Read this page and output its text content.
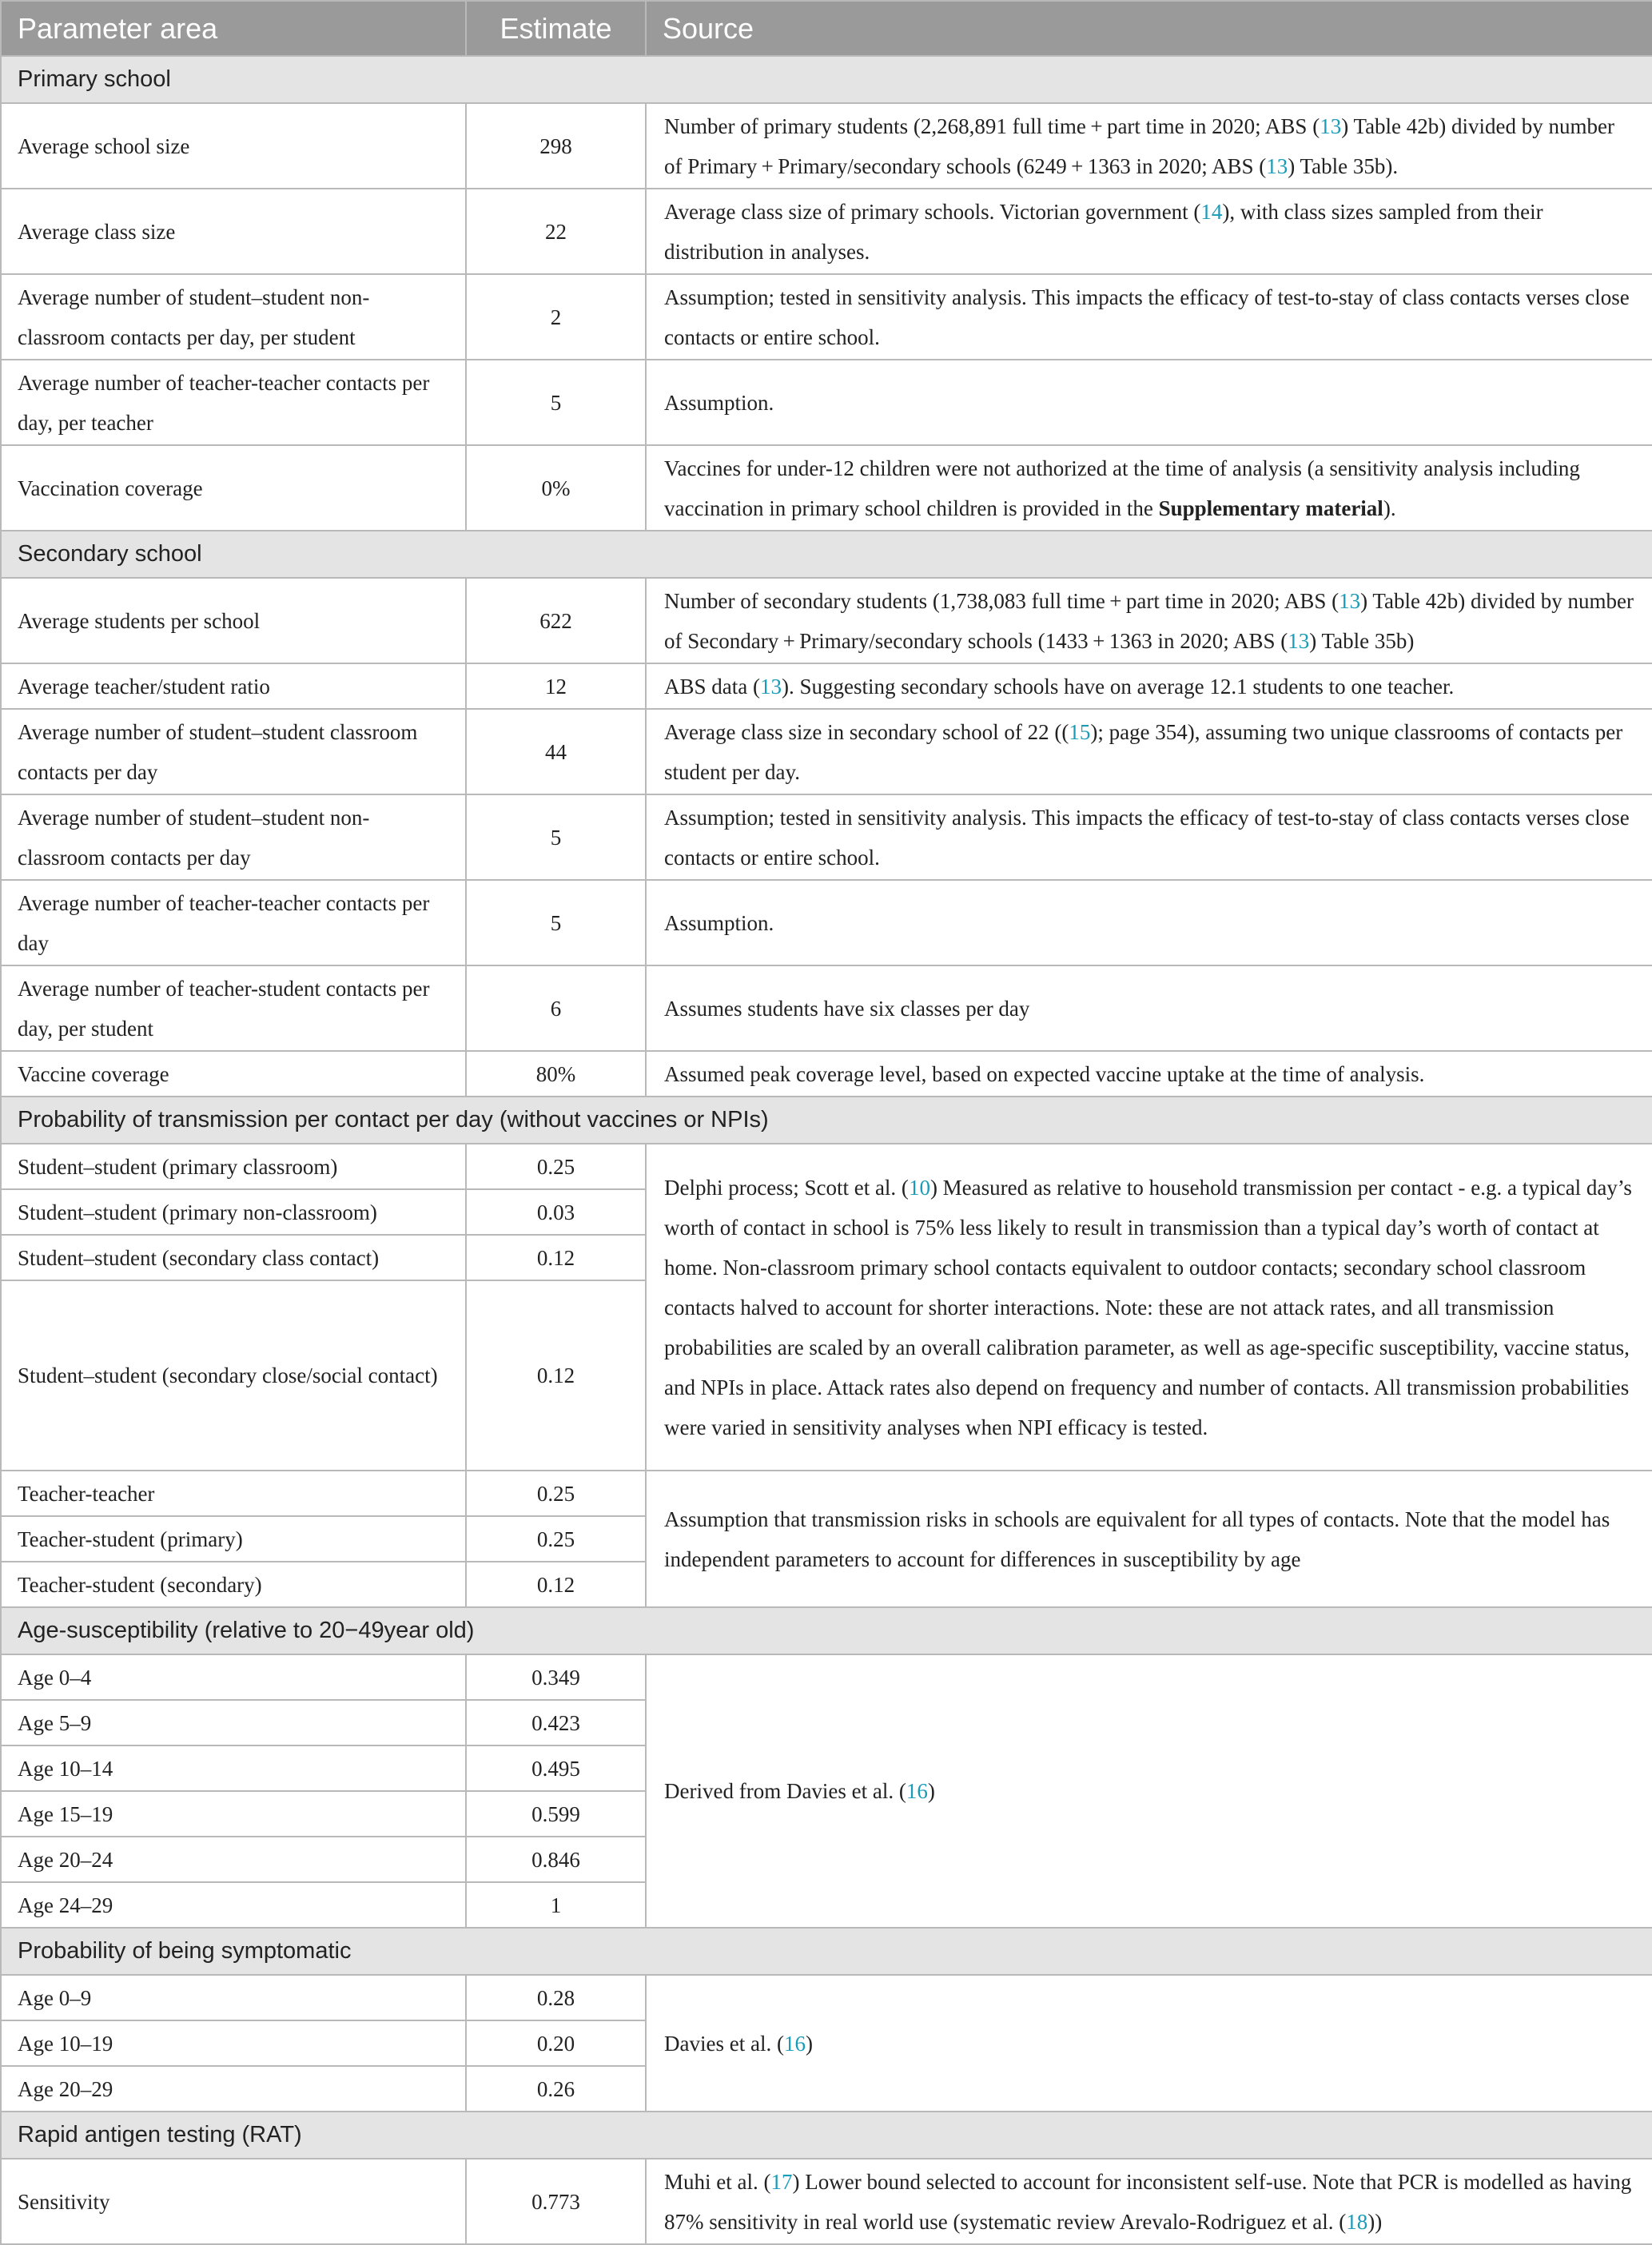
Parameter area	Estimate	Source
Primary school		
Average school size	298	Number of primary students (2,268,891 full time + part time in 2020; ABS (13) Table 42b) divided by number of Primary + Primary/secondary schools (6249 + 1363 in 2020; ABS (13) Table 35b).
Average class size	22	Average class size of primary schools. Victorian government (14), with class sizes sampled from their distribution in analyses.
Average number of student–student non-classroom contacts per day, per student	2	Assumption; tested in sensitivity analysis. This impacts the efficacy of test-to-stay of class contacts verses close contacts or entire school.
Average number of teacher-teacher contacts per day, per teacher	5	Assumption.
Vaccination coverage	0%	Vaccines for under-12 children were not authorized at the time of analysis (a sensitivity analysis including vaccination in primary school children is provided in the Supplementary material).
Secondary school		
Average students per school	622	Number of secondary students (1,738,083 full time + part time in 2020; ABS (13) Table 42b) divided by number of Secondary + Primary/secondary schools (1433 + 1363 in 2020; ABS (13) Table 35b)
Average teacher/student ratio	12	ABS data (13). Suggesting secondary schools have on average 12.1 students to one teacher.
Average number of student–student classroom contacts per day	44	Average class size in secondary school of 22 ((15); page 354), assuming two unique classrooms of contacts per student per day.
Average number of student–student non-classroom contacts per day	5	Assumption; tested in sensitivity analysis. This impacts the efficacy of test-to-stay of class contacts verses close contacts or entire school.
Average number of teacher-teacher contacts per day	5	Assumption.
Average number of teacher-student contacts per day, per student	6	Assumes students have six classes per day
Vaccine coverage	80%	Assumed peak coverage level, based on expected vaccine uptake at the time of analysis.
Probability of transmission per contact per day (without vaccines or NPIs)		
Student–student (primary classroom)	0.25	Delphi process; Scott et al. (10) Measured as relative to household transmission per contact - e.g. a typical day’s worth of contact in school is 75% less likely to result in transmission than a typical day’s worth of contact at home. Non-classroom primary school contacts equivalent to outdoor contacts; secondary school classroom contacts halved to account for shorter interactions. Note: these are not attack rates, and all transmission probabilities are scaled by an overall calibration parameter, as well as age-specific susceptibility, vaccine status, and NPIs in place. Attack rates also depend on frequency and number of contacts. All transmission probabilities were varied in sensitivity analyses when NPI efficacy is tested.
Student–student (primary non-classroom)	0.03	
Student–student (secondary class contact)	0.12	
Student–student (secondary close/social contact)	0.12	
Teacher-teacher	0.25	Assumption that transmission risks in schools are equivalent for all types of contacts. Note that the model has independent parameters to account for differences in susceptibility by age
Teacher-student (primary)	0.25	
Teacher-student (secondary)	0.12	
Age-susceptibility (relative to 20−49year old)		
Age 0–4	0.349	Derived from Davies et al. (16)
Age 5–9	0.423	
Age 10–14	0.495	
Age 15–19	0.599	
Age 20–24	0.846	
Age 24–29	1	
Probability of being symptomatic		
Age 0–9	0.28	Davies et al. (16)
Age 10–19	0.20	
Age 20–29	0.26	
Rapid antigen testing (RAT)		
Sensitivity	0.773	Muhi et al. (17) Lower bound selected to account for inconsistent self-use. Note that PCR is modelled as having 87% sensitivity in real world use (systematic review Arevalo-Rodriguez et al. (18))
